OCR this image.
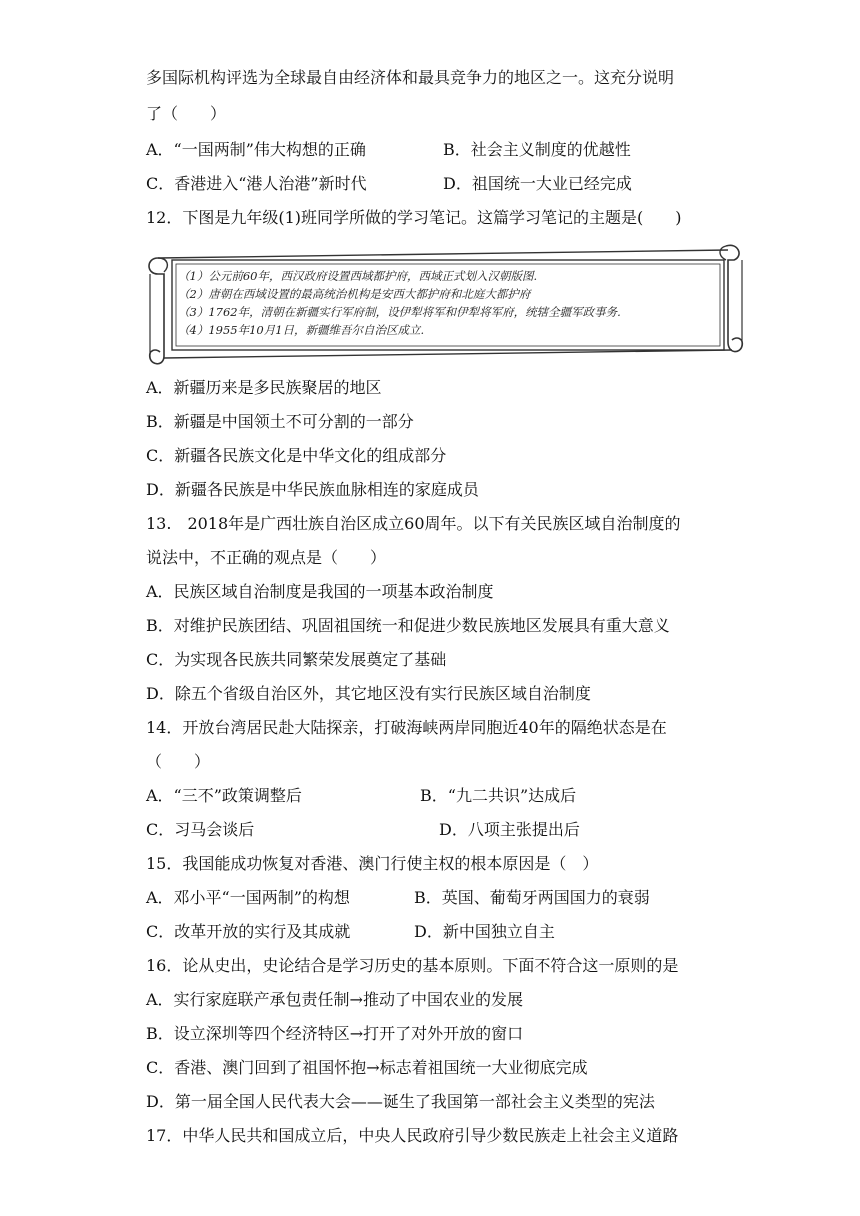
多国际机构评选为全球最自由经济体和最具竞争力的地区之一。这充分说明
了（　　）
A．“一国两制”伟大构想的正确	B．社会主义制度的优越性
C．香港进入“港人治港”新时代	D．祖国统一大业已经完成
12．下图是九年级(1)班同学所做的学习笔记。这篇学习笔记的主题是(　　)
（1）公元前60年，西汉政府设置西域都护府，西域正式划入汉朝版图.
（2）唐朝在西域设置的最高统治机构是安西大都护府和北庭大都护府
（3）1762年，清朝在新疆实行军府制，设伊犁将军和伊犁将军府，统辖全疆军政事务.
（4）1955年10月1日，新疆维吾尔自治区成立.
A．新疆历来是多民族聚居的地区
B．新疆是中国领土不可分割的一部分
C．新疆各民族文化是中华文化的组成部分
D．新疆各民族是中华民族血脉相连的家庭成员
13.　2018年是广西壮族自治区成立60周年。以下有关民族区域自治制度的
说法中，不正确的观点是（　　）
A．民族区域自治制度是我国的一项基本政治制度
B．对维护民族团结、巩固祖国统一和促进少数民族地区发展具有重大意义
C．为实现各民族共同繁荣发展奠定了基础
D．除五个省级自治区外，其它地区没有实行民族区域自治制度
14．开放台湾居民赴大陆探亲，打破海峡两岸同胞近40年的隔绝状态是在
（　　）
A．“三不”政策调整后	B．“九二共识”达成后
C．习马会谈后	D．八项主张提出后
15．我国能成功恢复对香港、澳门行使主权的根本原因是（　）
A．邓小平“一国两制”的构想	B．英国、葡萄牙两国国力的衰弱
C．改革开放的实行及其成就	D．新中国独立自主
16．论从史出，史论结合是学习历史的基本原则。下面不符合这一原则的是
A．实行家庭联产承包责任制→推动了中国农业的发展
B．设立深圳等四个经济特区→打开了对外开放的窗口
C．香港、澳门回到了祖国怀抱→标志着祖国统一大业彻底完成
D．第一届全国人民代表大会——诞生了我国第一部社会主义类型的宪法
17．中华人民共和国成立后，中央人民政府引导少数民族走上社会主义道路
